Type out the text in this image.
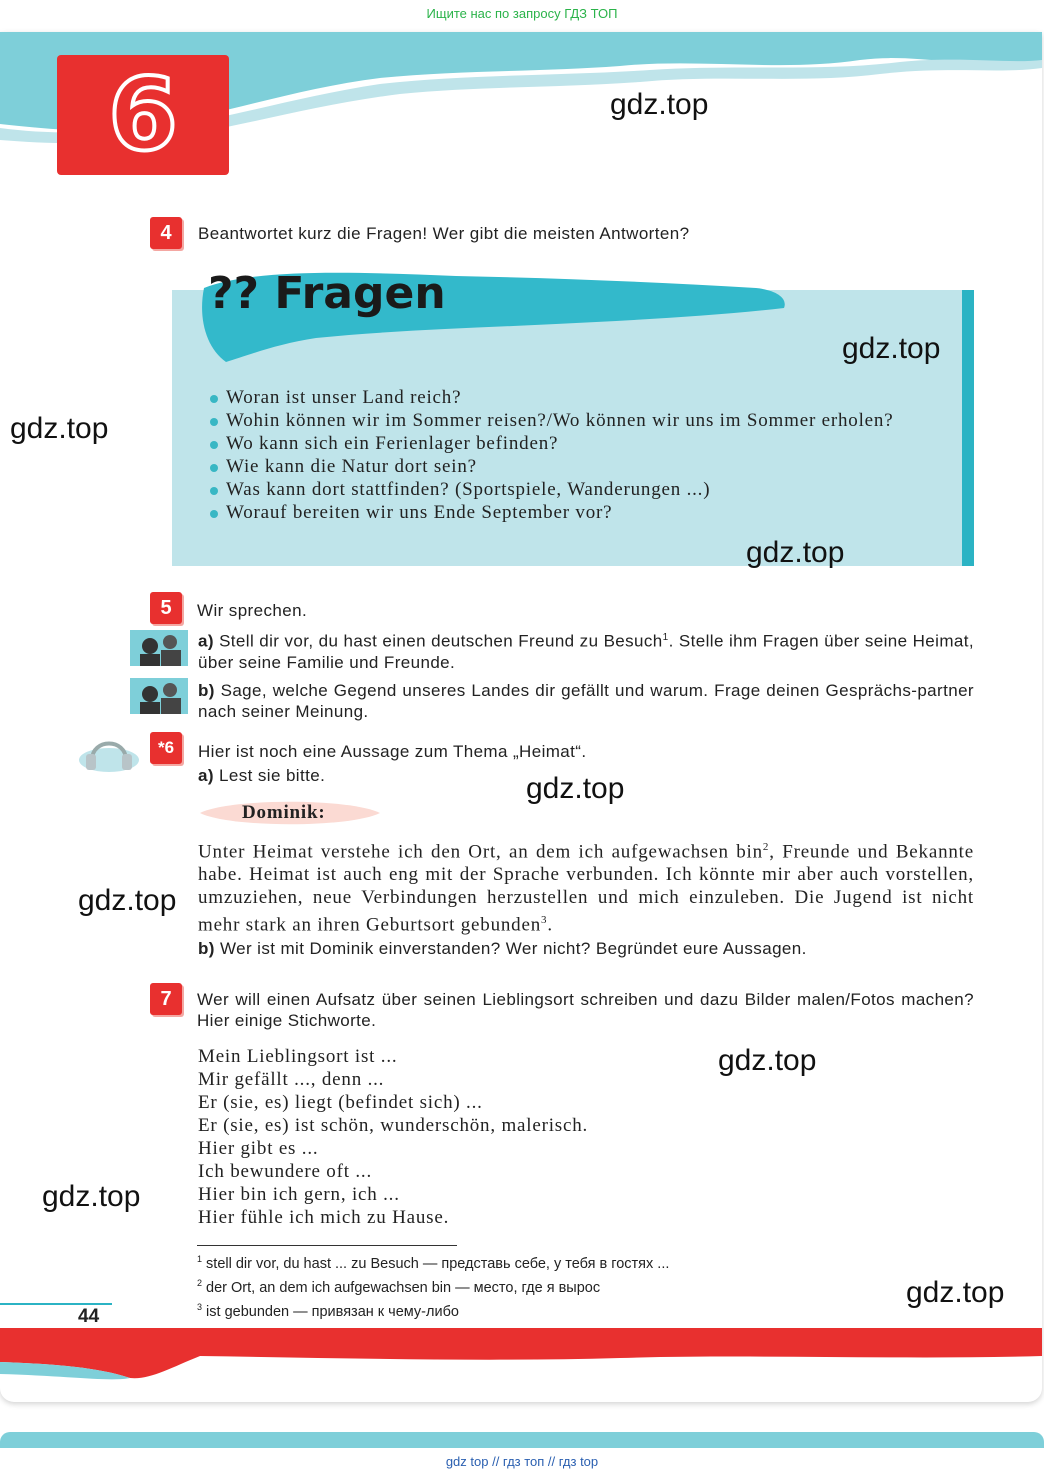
Ищите нас по запросу ГДЗ ТОП
6	gdz.top
4	Beantwortet kurz die Fragen! Wer gibt die meisten Antworten?
?? Fragen
gdz.top
Woran ist unser Land reich?
Wohin können wir im Sommer reisen?/Wo können wir uns im Sommer erholen?
Wo kann sich ein Ferienlager befinden?
Wie kann die Natur dort sein?
Was kann dort stattfinden? (Sportspiele, Wanderungen ...)
Worauf bereiten wir uns Ende September vor?
gdz.top
gdz.top
5	Wir sprechen.
a) Stell dir vor, du hast einen deutschen Freund zu Besuch$^1$. Stelle ihm Fragen über seine Heimat, über seine Familie und Freunde.
b) Sage, welche Gegend unseres Landes dir gefällt und warum. Frage deinen Gesprächs-partner nach seiner Meinung.
*6	Hier ist noch eine Aussage zum Thema „Heimat“.
a) Lest sie bitte.	gdz.top
Dominik:
Unter Heimat verstehe ich den Ort, an dem ich aufgewachsen bin$^2$, Freunde und Bekannte habe. Heimat ist auch eng mit der Sprache verbunden. Ich könnte mir aber auch vorstellen, umzuziehen, neue Verbindungen herzustellen und mich einzuleben. Die Jugend ist nicht mehr stark an ihren Geburtsort gebunden$^3$.
gdz.top
b) Wer ist mit Dominik einverstanden? Wer nicht? Begründet eure Aussagen.
7	Wer will einen Aufsatz über seinen Lieblingsort schreiben und dazu Bilder malen/Fotos machen? Hier einige Stichworte.
Mein Lieblingsort ist ...
Mir gefällt ..., denn ...
Er (sie, es) liegt (befindet sich) ...
Er (sie, es) ist schön, wunderschön, malerisch.
Hier gibt es ...
Ich bewundere oft ...
Hier bin ich gern, ich ...
Hier fühle ich mich zu Hause.
gdz.top
gdz.top
$^1$ stell dir vor, du hast ... zu Besuch — представь себе, у тебя в гостях ...
$^2$ der Ort, an dem ich aufgewachsen bin — место, где я вырос
$^3$ ist gebunden — привязан к чему-либо
gdz.top
44
gdz top // гдз топ // гдз top
